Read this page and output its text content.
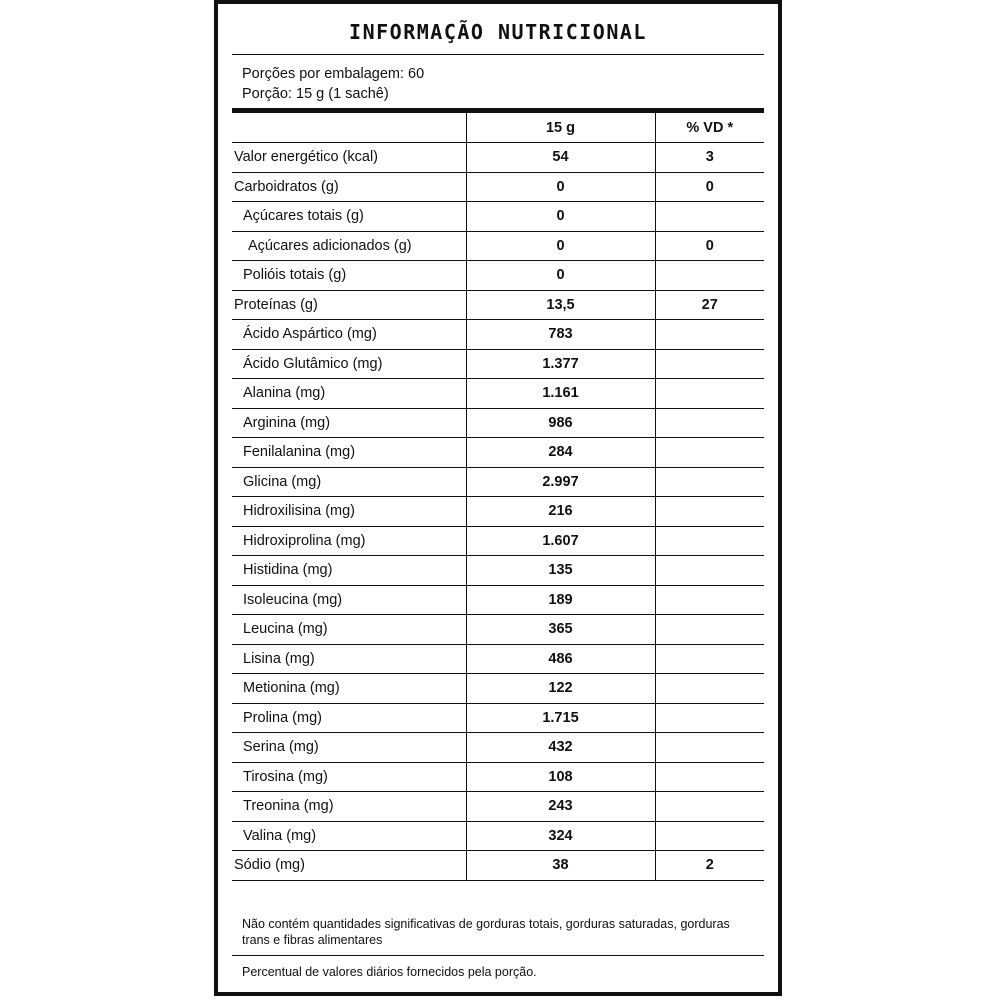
INFORMAÇÃO NUTRICIONAL
Porções por embalagem: 60
Porção: 15 g (1 sachê)
	15 g	% VD *
Valor energético (kcal)	54	3
Carboidratos (g)	0	0
Açúcares totais (g)	0	
Açúcares adicionados (g)	0	0
Polióis totais (g)	0	
Proteínas (g)	13,5	27
Ácido Aspártico (mg)	783	
Ácido Glutâmico (mg)	1.377	
Alanina (mg)	1.161	
Arginina (mg)	986	
Fenilalanina (mg)	284	
Glicina (mg)	2.997	
Hidroxilisina (mg)	216	
Hidroxiprolina (mg)	1.607	
Histidina (mg)	135	
Isoleucina (mg)	189	
Leucina (mg)	365	
Lisina (mg)	486	
Metionina (mg)	122	
Prolina (mg)	1.715	
Serina (mg)	432	
Tirosina (mg)	108	
Treonina (mg)	243	
Valina (mg)	324	
Sódio (mg)	38	2
Não contém quantidades significativas de gorduras totais, gorduras saturadas, gorduras trans e fibras alimentares
Percentual de valores diários fornecidos pela porção.
